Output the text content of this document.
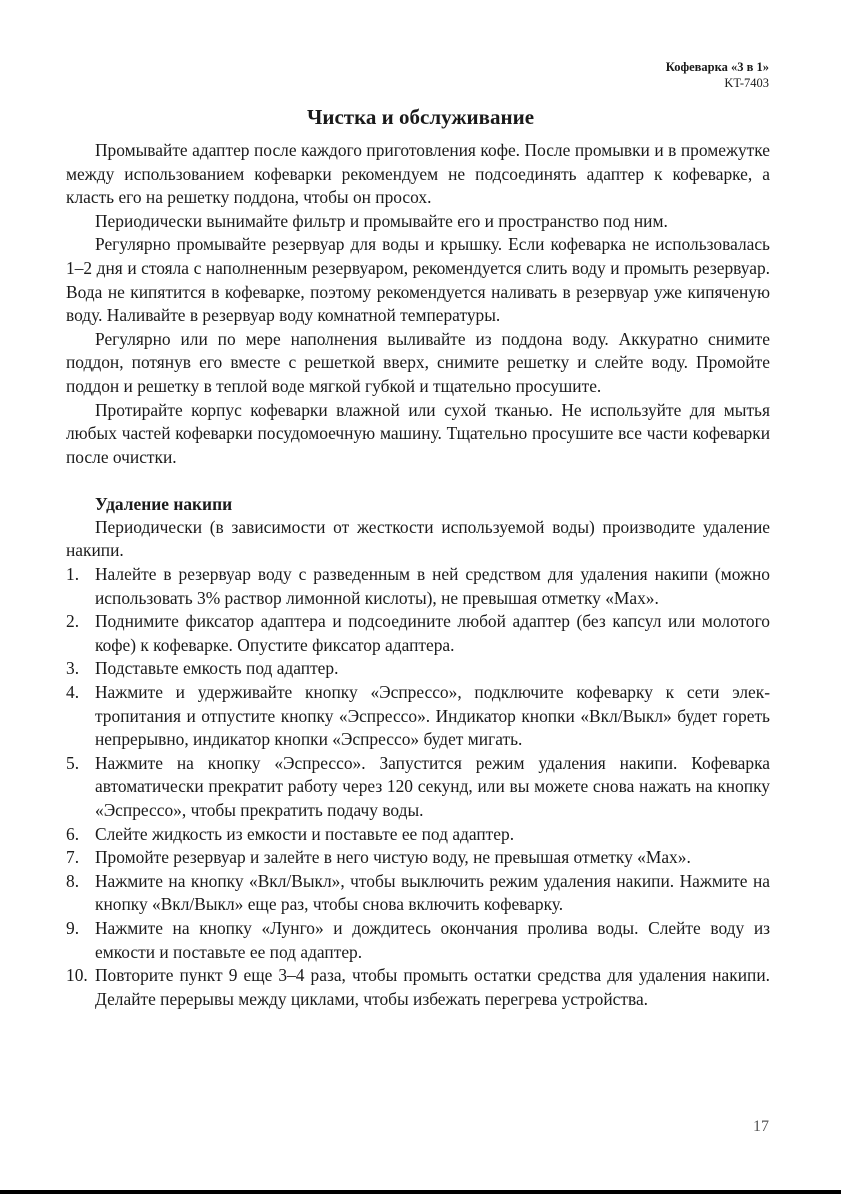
Кофеварка «3 в 1»
KT-7403
Чистка и обслуживание

Промывайте адаптер после каждого приготовления кофе. После промывки и в промежутке между использованием кофеварки рекомендуем не подсоединять адаптер к кофеварке, а класть его на решетку поддона, чтобы он просох.

Периодически вынимайте фильтр и промывайте его и пространство под ним.

Регулярно промывайте резервуар для воды и крышку. Если кофеварка не использовалась 1–2 дня и стояла с наполненным резервуаром, рекомендуется слить воду и промыть резервуар. Вода не кипятится в кофеварке, поэтому рекомендуется наливать в резервуар уже кипяченую воду. Наливайте в резервуар воду комнатной температуры.

Регулярно или по мере наполнения выливайте из поддона воду. Аккуратно снимите поддон, потянув его вместе с решеткой вверх, снимите решетку и слейте воду. Промойте поддон и решетку в теплой воде мягкой губкой и тщательно просушите.

Протирайте корпус кофеварки влажной или сухой тканью. Не используйте для мытья любых частей кофеварки посудомоечную машину. Тщательно просушите все части кофеварки после очистки.

Удаление накипи

Периодически (в зависимости от жесткости используемой воды) производите удаление накипи.

1. Налейте в резервуар воду с разведенным в ней средством для удаления накипи (можно использовать 3% раствор лимонной кислоты), не превышая отметку «Max».
2. Поднимите фиксатор адаптера и подсоедините любой адаптер (без капсул или молотого кофе) к кофеварке. Опустите фиксатор адаптера.
3. Подставьте емкость под адаптер.
4. Нажмите и удерживайте кнопку «Эспрессо», подключите кофеварку к сети электропитания и отпустите кнопку «Эспрессо». Индикатор кнопки «Вкл/Выкл» будет гореть непрерывно, индикатор кнопки «Эспрессо» будет мигать.
5. Нажмите на кнопку «Эспрессо». Запустится режим удаления накипи. Кофеварка автоматически прекратит работу через 120 секунд, или вы можете снова нажать на кнопку «Эспрессо», чтобы прекратить подачу воды.
6. Слейте жидкость из емкости и поставьте ее под адаптер.
7. Промойте резервуар и залейте в него чистую воду, не превышая отметку «Max».
8. Нажмите на кнопку «Вкл/Выкл», чтобы выключить режим удаления накипи. Нажмите на кнопку «Вкл/Выкл» еще раз, чтобы снова включить кофеварку.
9. Нажмите на кнопку «Лунго» и дождитесь окончания пролива воды. Слейте воду из емкости и поставьте ее под адаптер.
10. Повторите пункт 9 еще 3–4 раза, чтобы промыть остатки средства для удаления накипи. Делайте перерывы между циклами, чтобы избежать перегрева устройства.
17
